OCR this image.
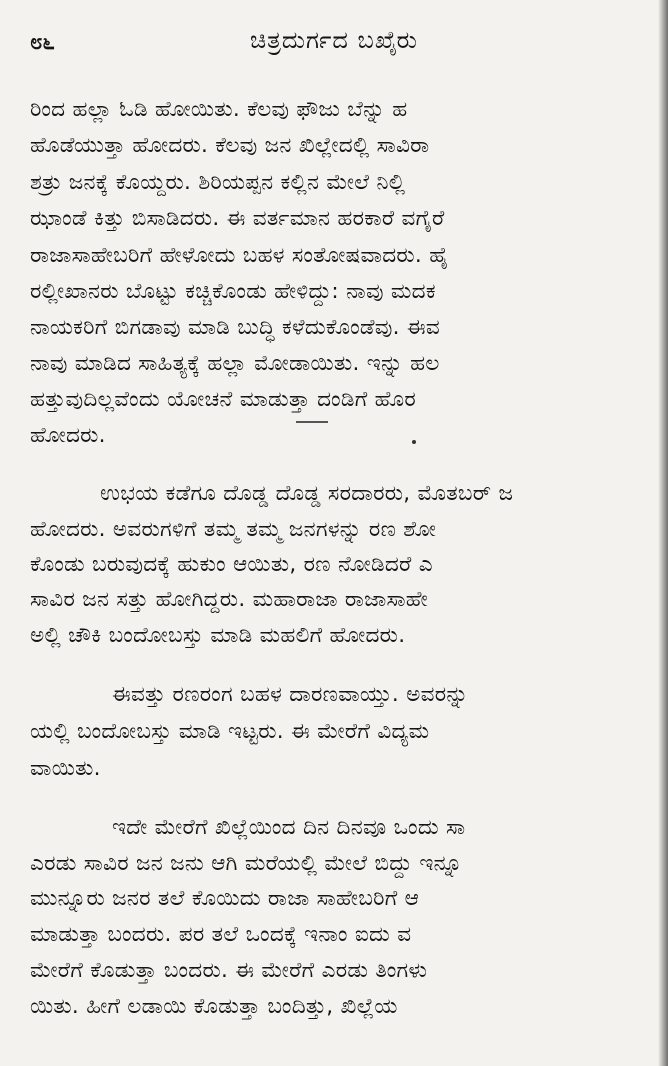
೮೬	ಚಿತ್ರದುರ್ಗದ ಬಖೈರು
ರಿಂದ ಹಲ್ಲಾ ಓಡಿ ಹೋಯಿತು. ಕೆಲವು ಫೌಜು ಬೆನ್ನು ಹ
ಹೊಡೆಯುತ್ತಾ ಹೋದರು. ಕೆಲವು ಜನ ಖಿಲ್ಲೇದಲ್ಲಿ ಸಾವಿರಾ
ಶತ್ರು ಜನಕ್ಕೆ ಕೊಯ್ದರು. ಶಿರಿಯಪ್ಪನ ಕಲ್ಲಿನ ಮೇಲೆ ನಿಲ್ಲಿ
ಝಾಂಡೆ ಕಿತ್ತು ಬಿಸಾಡಿದರು. ಈ ವರ್ತಮಾನ ಹರಕಾರೆ ವಗೈರೆ
ರಾಜಾಸಾಹೇಬರಿಗೆ ಹೇಳೋದು ಬಹಳ ಸಂತೋಷವಾದರು. ಹೈ
ರಲ್ಲೀಖಾನರು ಬೊಟ್ಟು ಕಚ್ಚಿಕೊಂಡು ಹೇಳಿದ್ದು: ನಾವು ಮದಕ
ನಾಯಕರಿಗೆ ಬಿಗಡಾವು ಮಾಡಿ ಬುದ್ಧಿ ಕಳೆದುಕೊಂಡೆವು. ಈವ
ನಾವು ಮಾಡಿದ ಸಾಹಿತ್ಯಕ್ಕೆ ಹಲ್ಲಾ ಮೋಡಾಯಿತು. ಇನ್ನು ಹಲ
ಹತ್ತುವುದಿಲ್ಲವೆಂದು ಯೋಚನೆ ಮಾಡುತ್ತಾ ದಂಡಿಗೆ ಹೊರ
ಹೋದರು.
ಉಭಯ ಕಡೆಗೂ ದೊಡ್ಡ ದೊಡ್ಡ ಸರದಾರರು, ಮೊತಬರ್ ಜ
ಹೋದರು. ಅವರುಗಳಿಗೆ ತಮ್ಮ ತಮ್ಮ ಜನಗಳನ್ನು ರಣ ಶೋ
ಕೊಂಡು ಬರುವುದಕ್ಕೆ ಹುಕುಂ ಆಯಿತು, ರಣ ನೋಡಿದರೆ ಎ
ಸಾವಿರ ಜನ ಸತ್ತು ಹೋಗಿದ್ದರು. ಮಹಾರಾಜಾ ರಾಜಾಸಾಹೇ
ಅಲ್ಲಿ ಚೌಕಿ ಬಂದೋಬಸ್ತು ಮಾಡಿ ಮಹಲಿಗೆ ಹೋದರು.
ಈವತ್ತು ರಣರಂಗ ಬಹಳ ದಾರಣವಾಯ್ತು. ಅವರನ್ನು
ಯಲ್ಲಿ ಬಂದೋಬಸ್ತು ಮಾಡಿ ಇಟ್ಟರು. ಈ ಮೇರೆಗೆ ವಿದ್ಯಮ
ವಾಯಿತು.
ಇದೇ ಮೇರೆಗೆ ಖಿಲ್ಲೆಯಿಂದ ದಿನ ದಿನವೂ ಒಂದು ಸಾ
ಎರಡು ಸಾವಿರ ಜನ ಜನು ಆಗಿ ಮರೆಯಲ್ಲಿ ಮೇಲೆ ಬಿದ್ದು ಇನ್ನೂ
ಮುನ್ನೂರು ಜನರ ತಲೆ ಕೊಯಿದು ರಾಜಾ ಸಾಹೇಬರಿಗೆ ಆ
ಮಾಡುತ್ತಾ ಬಂದರು. ಪರ ತಲೆ ಒಂದಕ್ಕೆ ಇನಾಂ ಐದು ವ
ಮೇರೆಗೆ ಕೊಡುತ್ತಾ ಬಂದರು. ಈ ಮೇರೆಗೆ ಎರಡು ತಿಂಗಳು
ಯಿತು. ಹೀಗೆ ಲಡಾಯಿ ಕೊಡುತ್ತಾ ಬಂದಿತ್ತು, ಖಿಲ್ಲೆಯ
